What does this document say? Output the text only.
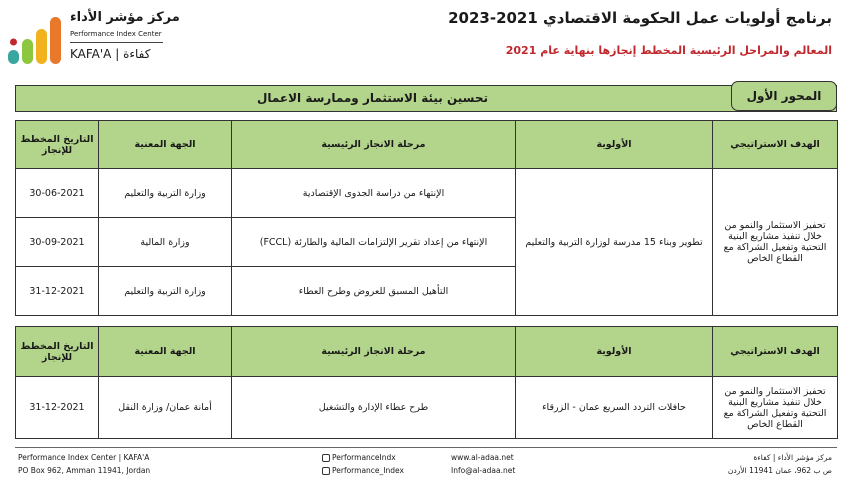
برنامج أولويات عمل الحكومة الاقتصادي 2021-2023
المعالم والمراحل الرئيسية المخطط إنجازها بنهاية عام 2021
مركز مؤشر الأداء
Performance Index Center
KAFA'A | كفاءة
تحسين بيئة الاستثمار وممارسة الاعمال	المحور الأول
الهدف الاستراتيجي	الأولوية	مرحلة الانجاز الرئيسية	الجهة المعنية	التاريخ المخطط للإنجاز
تحفيز الاستثمار والنمو من خلال تنفيذ مشاريع البنية التحتية وتفعيل الشراكة مع القطاع الخاص	تطوير وبناء 15 مدرسة لوزارة التربية والتعليم	الإنتهاء من دراسة الجدوى الإقتصادية	وزارة التربية والتعليم	30-06-2021
		الإنتهاء من إعداد تقرير الإلتزامات المالية والطارئة (FCCL)	وزارة المالية	30-09-2021
		التأهيل المسبق للعروض وطرح العطاء	وزارة التربية والتعليم	31-12-2021
الهدف الاستراتيجي	الأولوية	مرحلة الانجاز الرئيسية	الجهة المعنية	التاريخ المخطط للإنجاز
تحفيز الاستثمار والنمو من خلال تنفيذ مشاريع البنية التحتية وتفعيل الشراكة مع القطاع الخاص	حافلات التردد السريع عمان - الزرقاء	طرح عطاء الإدارة والتشغيل	أمانة عمان/ وزارة النقل	31-12-2021
Performance Index Center | KAFA'A
PO Box 962, Amman 11941, Jordan
PerformanceIndx
Performance_Index
www.al-adaa.net
Info@al-adaa.net
مركز مؤشر الأداء | كفاءة
ص ب 962، عمان 11941 الأردن
